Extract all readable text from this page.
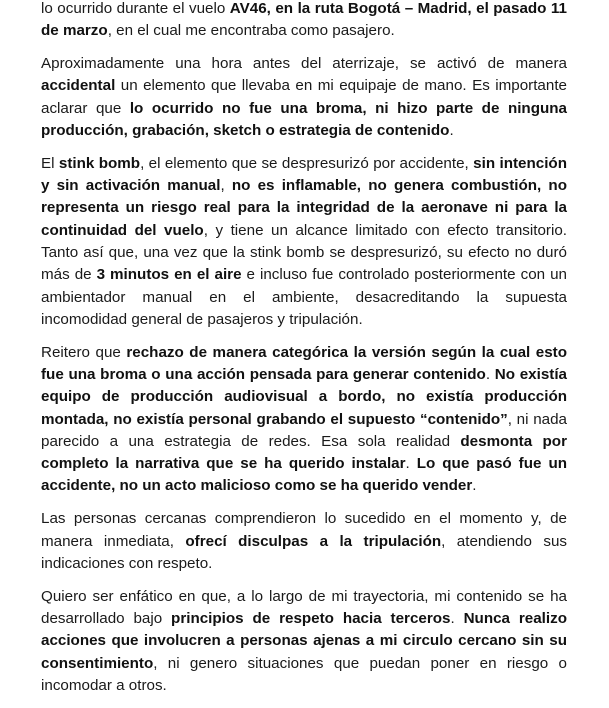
lo ocurrido durante el vuelo AV46, en la ruta Bogotá – Madrid, el pasado 11 de marzo, en el cual me encontraba como pasajero.

Aproximadamente una hora antes del aterrizaje, se activó de manera accidental un elemento que llevaba en mi equipaje de mano. Es importante aclarar que lo ocurrido no fue una broma, ni hizo parte de ninguna producción, grabación, sketch o estrategia de contenido.

El stink bomb, el elemento que se despresurizó por accidente, sin intención y sin activación manual, no es inflamable, no genera combustión, no representa un riesgo real para la integridad de la aeronave ni para la continuidad del vuelo, y tiene un alcance limitado con efecto transitorio. Tanto así que, una vez que la stink bomb se despresurizó, su efecto no duró más de 3 minutos en el aire e incluso fue controlado posteriormente con un ambientador manual en el ambiente, desacreditando la supuesta incomodidad general de pasajeros y tripulación.

Reitero que rechazo de manera categórica la versión según la cual esto fue una broma o una acción pensada para generar contenido. No existía equipo de producción audiovisual a bordo, no existía producción montada, no existía personal grabando el supuesto “contenido”, ni nada parecido a una estrategia de redes. Esa sola realidad desmonta por completo la narrativa que se ha querido instalar. Lo que pasó fue un accidente, no un acto malicioso como se ha querido vender.

Las personas cercanas comprendieron lo sucedido en el momento y, de manera inmediata, ofrecí disculpas a la tripulación, atendiendo sus indicaciones con respeto.

Quiero ser enfático en que, a lo largo de mi trayectoria, mi contenido se ha desarrollado bajo principios de respeto hacia terceros. Nunca realizo acciones que involucren a personas ajenas a mi circulo cercano sin su consentimiento, ni genero situaciones que puedan poner en riesgo o incomodar a otros.
